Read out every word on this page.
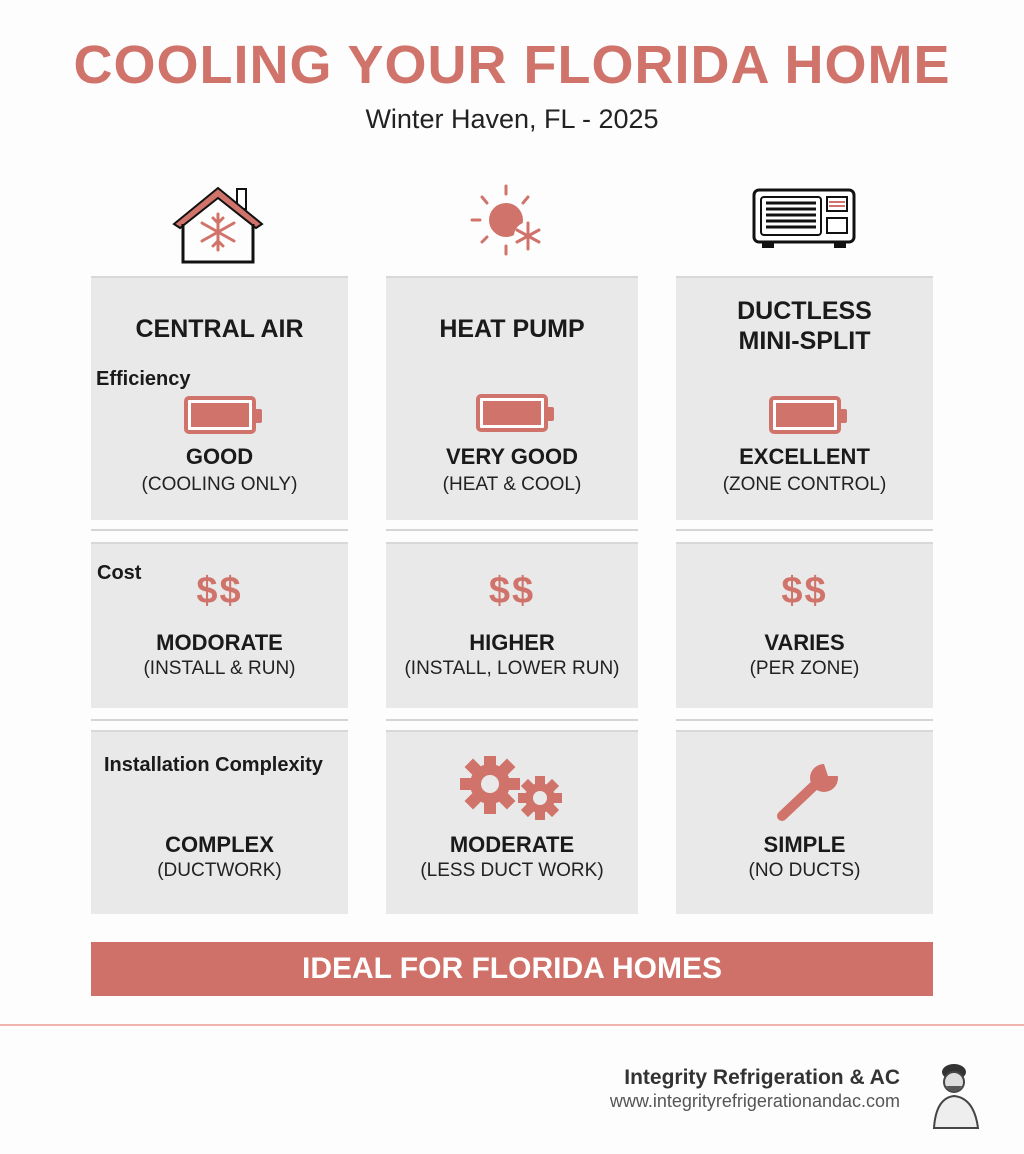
COOLING YOUR FLORIDA HOME
Winter Haven, FL - 2025
CENTRAL AIR
Efficiency
GOOD
(COOLING ONLY)
HEAT PUMP
VERY GOOD
(HEAT & COOL)
DUCTLESS MINI-SPLIT
EXCELLENT
(ZONE CONTROL)
Cost	$$
MODORATE
(INSTALL & RUN)
$$
HIGHER
(INSTALL, LOWER RUN)
$$
VARIES
(PER ZONE)
Installation Complexity
COMPLEX
(DUCTWORK)
MODERATE
(LESS DUCT WORK)
SIMPLE
(NO DUCTS)
IDEAL FOR FLORIDA HOMES
Integrity Refrigeration & AC
www.integrityrefrigerationandac.com
